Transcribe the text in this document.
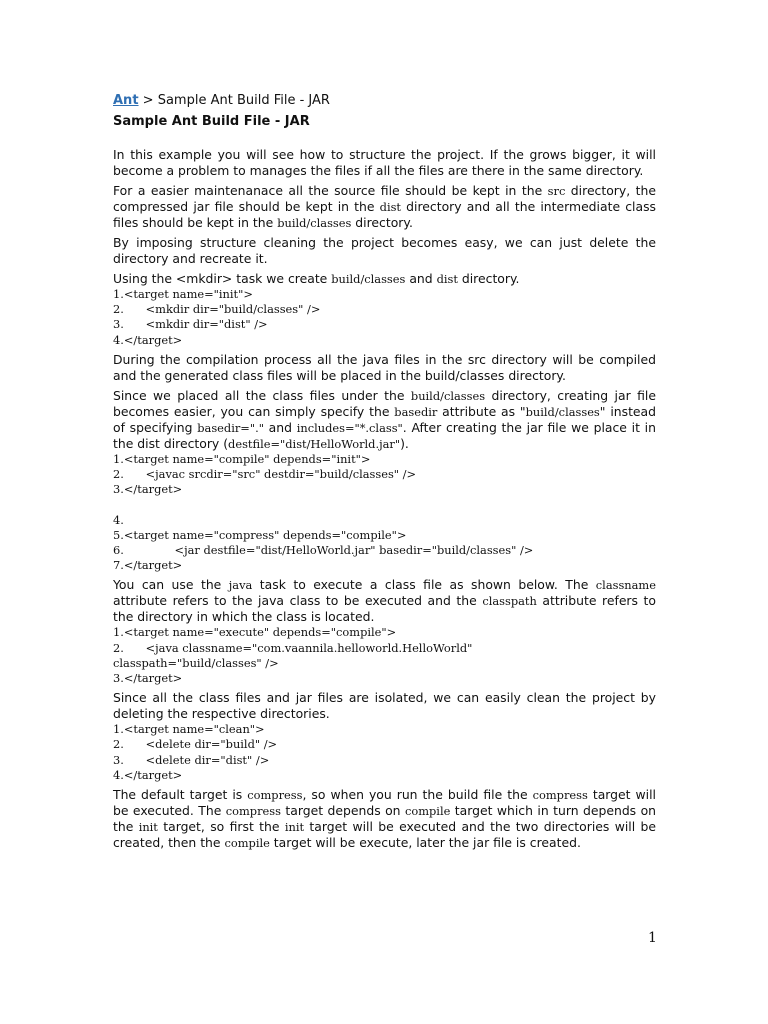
Ant > Sample Ant Build File - JAR

Sample Ant Build File - JAR

In this example you will see how to structure the project. If the grows bigger, it will become a problem to manages the files if all the files are there in the same directory.

For a easier maintenanace all the source file should be kept in the src directory, the compressed jar file should be kept in the dist directory and all the intermediate class files should be kept in the build/classes directory.

By imposing structure cleaning the project becomes easy, we can just delete the directory and recreate it.

Using the <mkdir> task we create build/classes and dist directory.

1.<target name="init">
2.      <mkdir dir="build/classes" />
3.      <mkdir dir="dist" />
4.</target>

During the compilation process all the java files in the src directory will be compiled and the generated class files will be placed in the build/classes directory.

Since we placed all the class files under the build/classes directory, creating jar file becomes easier, you can simply specify the basedir attribute as "build/classes" instead of specifying basedir="." and includes="*.class". After creating the jar file we place it in the dist directory (destfile="dist/HelloWorld.jar").

1.<target name="compile" depends="init">
2.      <javac srcdir="src" destdir="build/classes" />
3.</target>

4.
5.<target name="compress" depends="compile">
6.              <jar destfile="dist/HelloWorld.jar" basedir="build/classes" />
7.</target>

You can use the java task to execute a class file as shown below. The classname attribute refers to the java class to be executed and the classpath attribute refers to the directory in which the class is located.

1.<target name="execute" depends="compile">
2.      <java classname="com.vaannila.helloworld.HelloWorld"
classpath="build/classes" />
3.</target>

Since all the class files and jar files are isolated, we can easily clean the project by deleting the respective directories.

1.<target name="clean">
2.      <delete dir="build" />
3.      <delete dir="dist" />
4.</target>

The default target is compress, so when you run the build file the compress target will be executed. The compress target depends on compile target which in turn depends on the init target, so first the init target will be executed and the two directories will be created, then the compile target will be execute, later the jar file is created.

1
